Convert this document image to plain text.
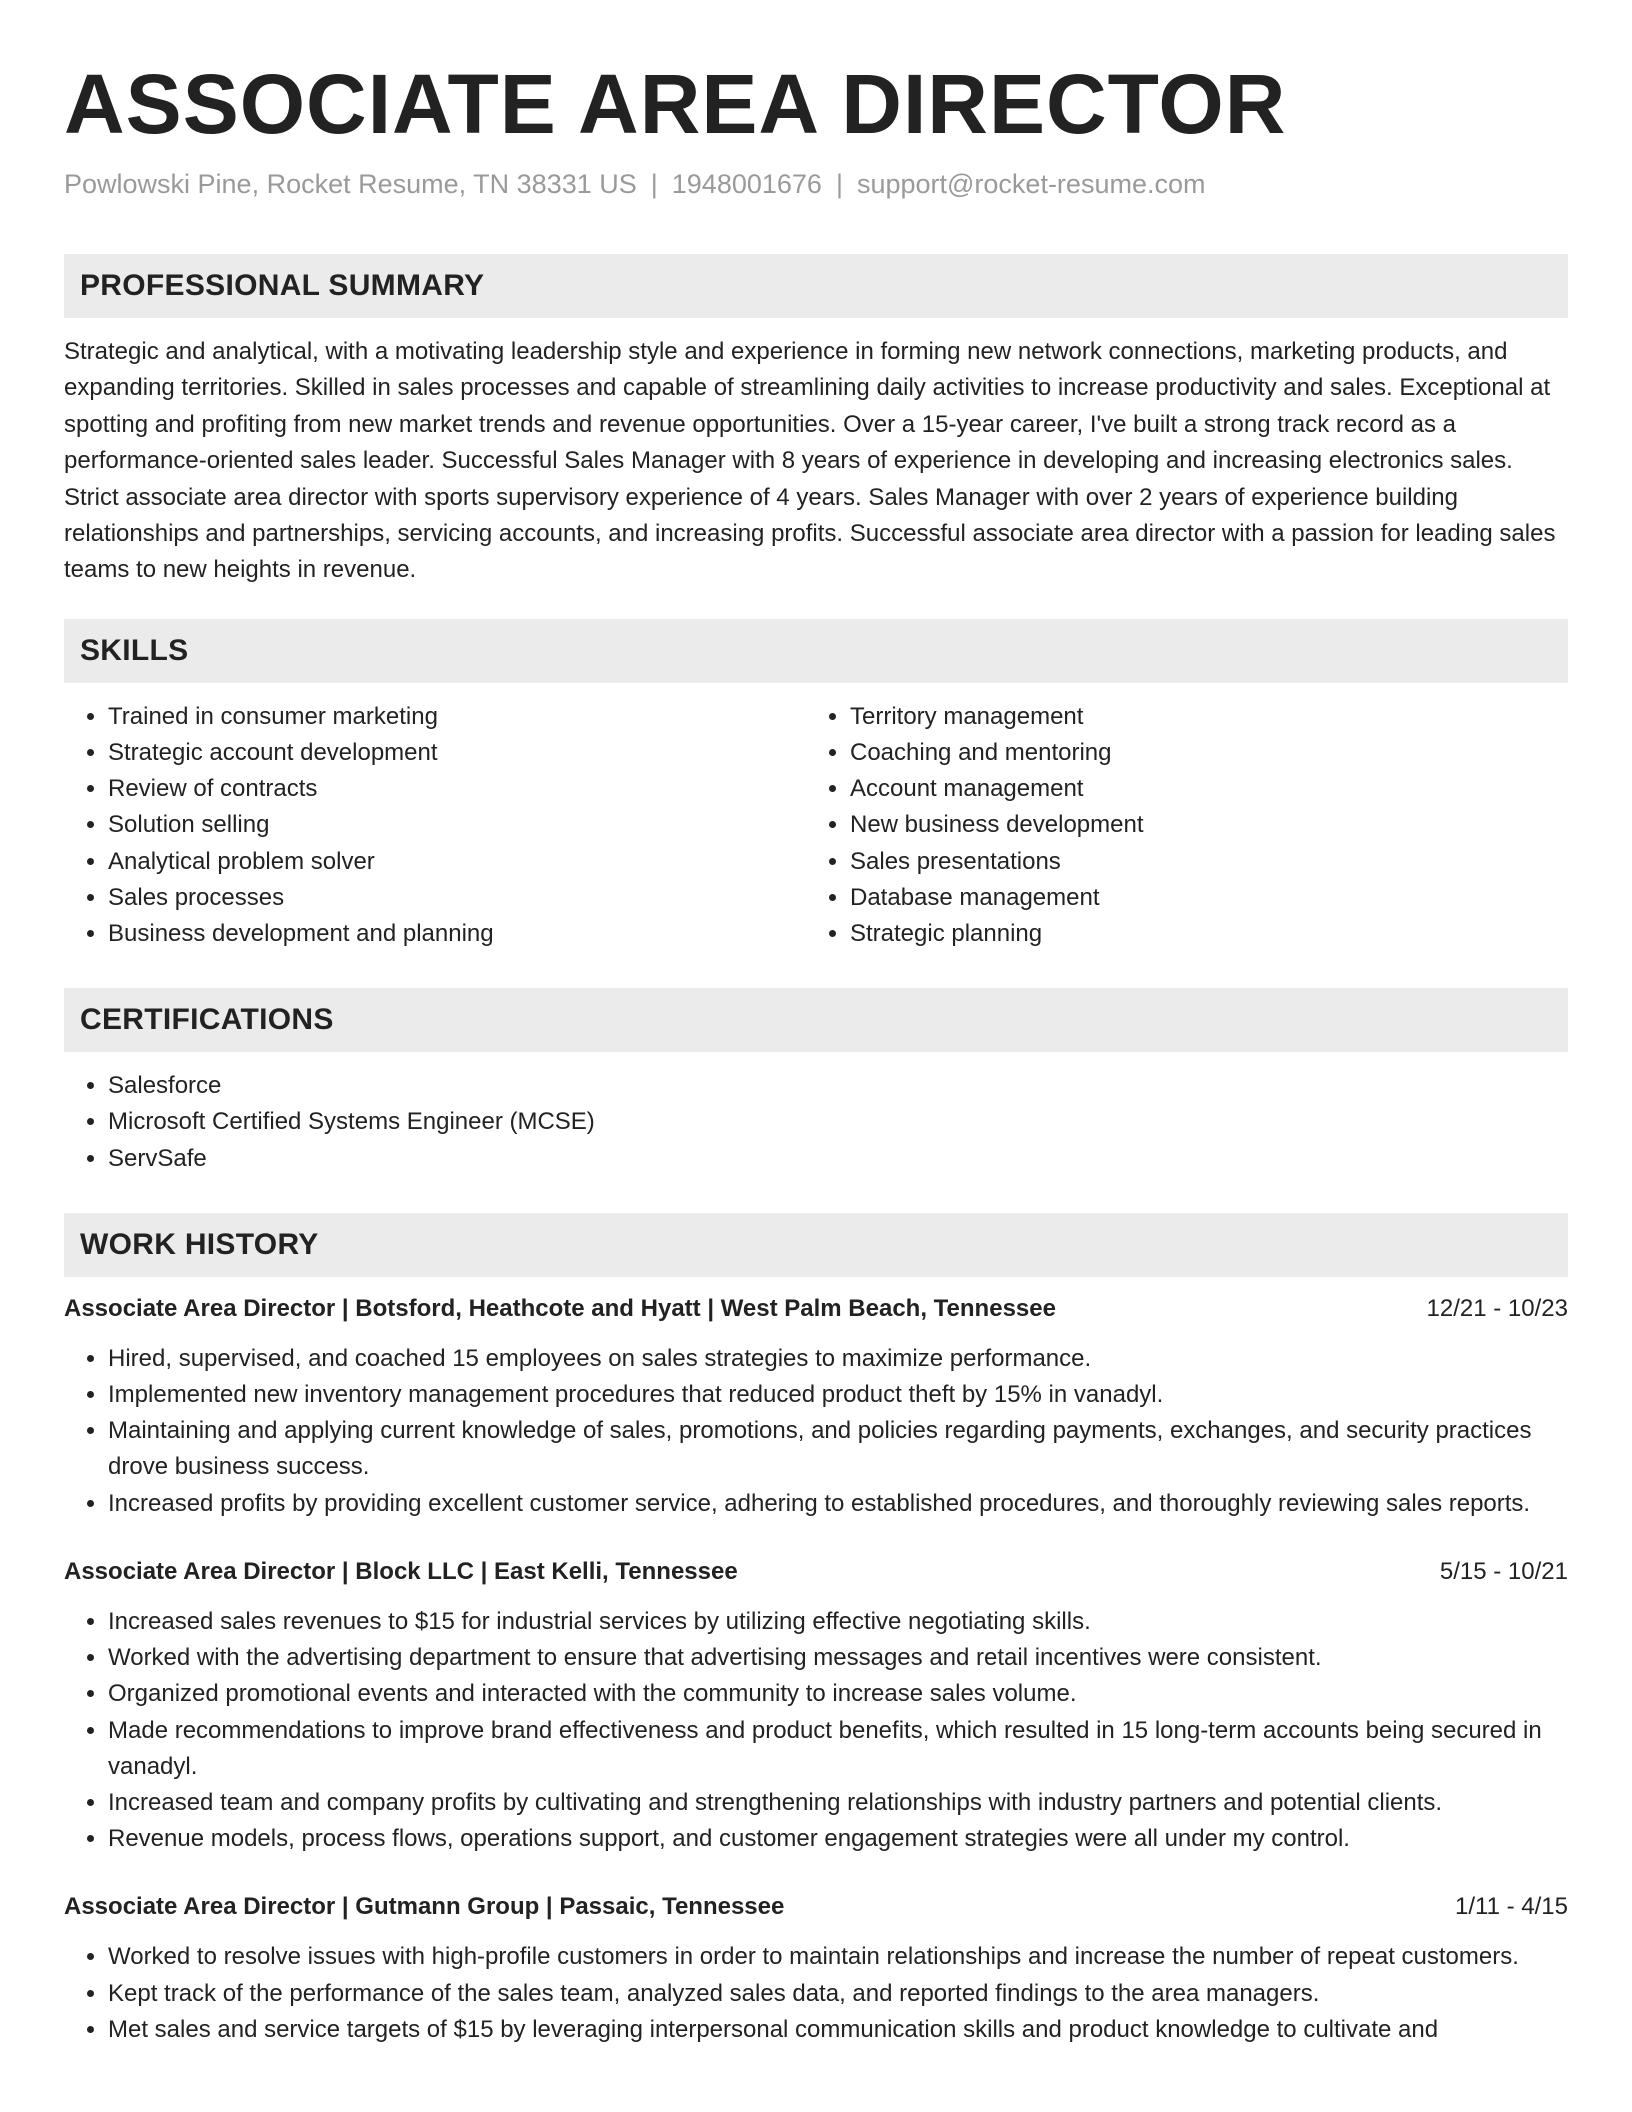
ASSOCIATE AREA DIRECTOR
Powlowski Pine, Rocket Resume, TN 38331 US | 1948001676 | support@rocket-resume.com
PROFESSIONAL SUMMARY
Strategic and analytical, with a motivating leadership style and experience in forming new network connections, marketing products, and expanding territories. Skilled in sales processes and capable of streamlining daily activities to increase productivity and sales. Exceptional at spotting and profiting from new market trends and revenue opportunities. Over a 15-year career, I've built a strong track record as a performance-oriented sales leader. Successful Sales Manager with 8 years of experience in developing and increasing electronics sales. Strict associate area director with sports supervisory experience of 4 years. Sales Manager with over 2 years of experience building relationships and partnerships, servicing accounts, and increasing profits. Successful associate area director with a passion for leading sales teams to new heights in revenue.
SKILLS
• Trained in consumer marketing
• Strategic account development
• Review of contracts
• Solution selling
• Analytical problem solver
• Sales processes
• Business development and planning
• Territory management
• Coaching and mentoring
• Account management
• New business development
• Sales presentations
• Database management
• Strategic planning
CERTIFICATIONS
• Salesforce
• Microsoft Certified Systems Engineer (MCSE)
• ServSafe
WORK HISTORY
Associate Area Director | Botsford, Heathcote and Hyatt | West Palm Beach, Tennessee	12/21 - 10/23
• Hired, supervised, and coached 15 employees on sales strategies to maximize performance.
• Implemented new inventory management procedures that reduced product theft by 15% in vanadyl.
• Maintaining and applying current knowledge of sales, promotions, and policies regarding payments, exchanges, and security practices drove business success.
• Increased profits by providing excellent customer service, adhering to established procedures, and thoroughly reviewing sales reports.
Associate Area Director | Block LLC | East Kelli, Tennessee	5/15 - 10/21
• Increased sales revenues to $15 for industrial services by utilizing effective negotiating skills.
• Worked with the advertising department to ensure that advertising messages and retail incentives were consistent.
• Organized promotional events and interacted with the community to increase sales volume.
• Made recommendations to improve brand effectiveness and product benefits, which resulted in 15 long-term accounts being secured in vanadyl.
• Increased team and company profits by cultivating and strengthening relationships with industry partners and potential clients.
• Revenue models, process flows, operations support, and customer engagement strategies were all under my control.
Associate Area Director | Gutmann Group | Passaic, Tennessee	1/11 - 4/15
• Worked to resolve issues with high-profile customers in order to maintain relationships and increase the number of repeat customers.
• Kept track of the performance of the sales team, analyzed sales data, and reported findings to the area managers.
• Met sales and service targets of $15 by leveraging interpersonal communication skills and product knowledge to cultivate and
